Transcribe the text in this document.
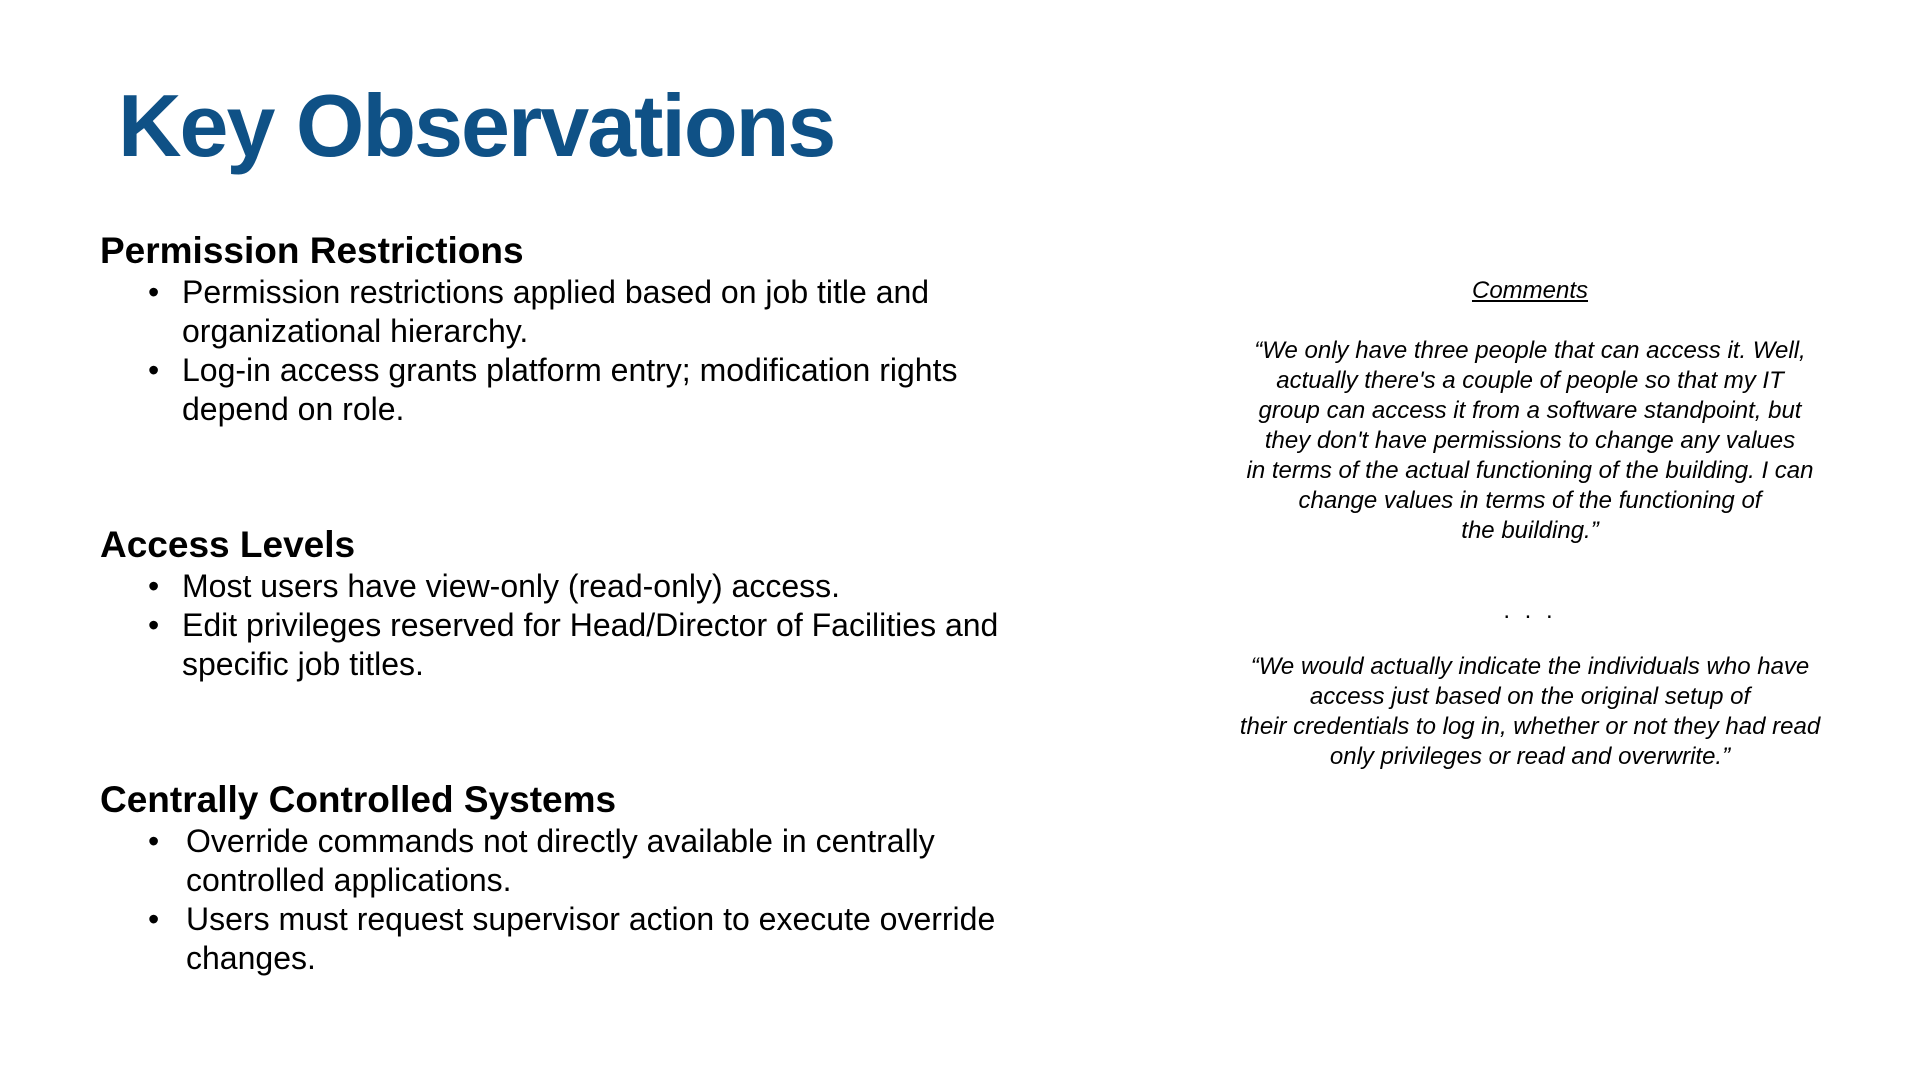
Key Observations
Permission Restrictions
• Permission restrictions applied based on job title and
organizational hierarchy.
• Log-in access grants platform entry; modification rights
depend on role.
Access Levels
• Most users have view-only (read-only) access.
• Edit privileges reserved for Head/Director of Facilities and
specific job titles.
Centrally Controlled Systems
• Override commands not directly available in centrally
controlled applications.
• Users must request supervisor action to execute override
changes.
Comments
“We only have three people that can access it. Well,
actually there's a couple of people so that my IT
group can access it from a software standpoint, but
they don't have permissions to change any values
in terms of the actual functioning of the building. I can
change values in terms of the functioning of
the building.”
. . .
“We would actually indicate the individuals who have
access just based on the original setup of
their credentials to log in, whether or not they had read
only privileges or read and overwrite.”
